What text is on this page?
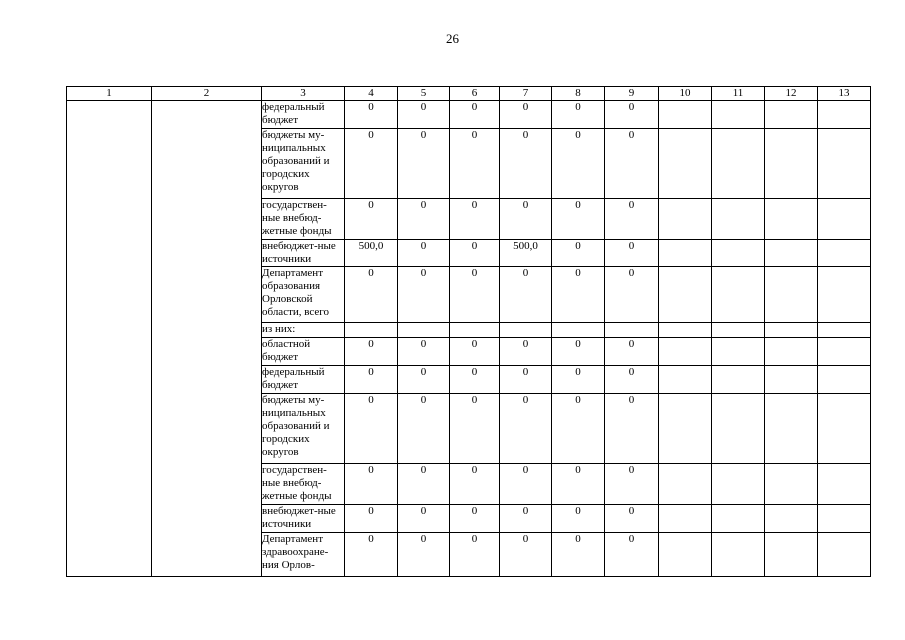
26
1	2	3	4	5	6	7	8	9	10	11	12	13
		федеральный бюджет	0	0	0	0	0	0				
		бюджеты му-ниципальных образований и городских округов	0	0	0	0	0	0				
		государствен-ные внебюд-жетные фонды	0	0	0	0	0	0				
		внебюджет-ные источники	500,0	0	0	500,0	0	0				
		Департамент образования Орловской области, всего	0	0	0	0	0	0				
		из них:										
		областной бюджет	0	0	0	0	0	0				
		федеральный бюджет	0	0	0	0	0	0				
		бюджеты му-ниципальных образований и городских округов	0	0	0	0	0	0				
		государствен-ные внебюд-жетные фонды	0	0	0	0	0	0				
		внебюджет-ные источники	0	0	0	0	0	0				
		Департамент здравоохране-ния Орлов-	0	0	0	0	0	0				
